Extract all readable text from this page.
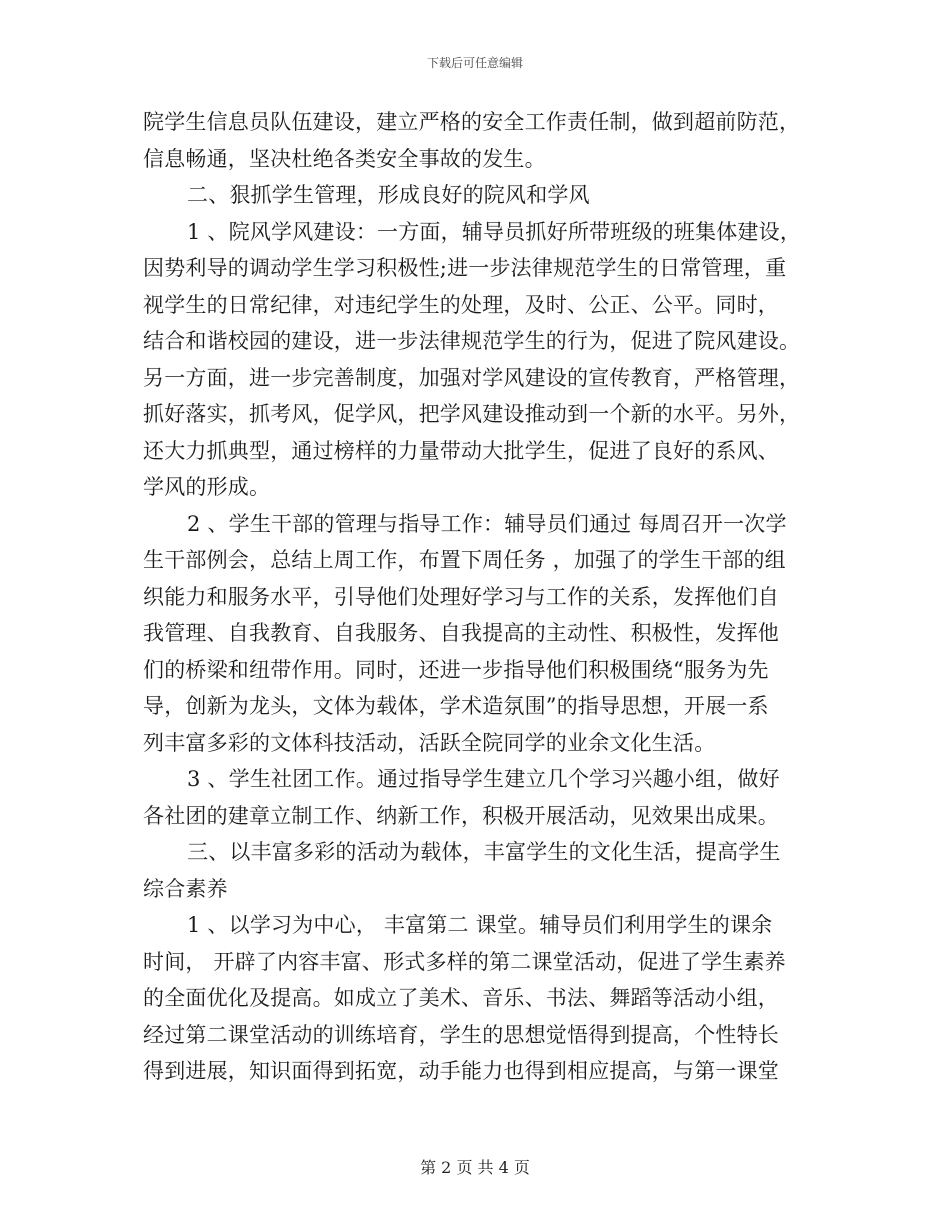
下载后可任意编辑
院学生信息员队伍建设，建立严格的安全工作责任制，做到超前防范，
信息畅通，坚决杜绝各类安全事故的发生。
二、狠抓学生管理，形成良好的院风和学风
1 、院风学风建设：一方面，辅导员抓好所带班级的班集体建设，
因势利导的调动学生学习积极性;进一步法律规范学生的日常管理，重
视学生的日常纪律，对违纪学生的处理，及时、公正、公平。同时，
结合和谐校园的建设，进一步法律规范学生的行为，促进了院风建设。
另一方面，进一步完善制度，加强对学风建设的宣传教育，严格管理，
抓好落实，抓考风，促学风，把学风建设推动到一个新的水平。另外，
还大力抓典型，通过榜样的力量带动大批学生，促进了良好的系风、
学风的形成。
2 、学生干部的管理与指导工作：辅导员们通过 每周召开一次学
生干部例会，总结上周工作，布置下周任务 ，加强了的学生干部的组
织能力和服务水平，引导他们处理好学习与工作的关系，发挥他们自
我管理、自我教育、自我服务、自我提高的主动性、积极性，发挥他
们的桥梁和纽带作用。同时，还进一步指导他们积极围绕“服务为先
导，创新为龙头，文体为载体，学术造氛围”的指导思想，开展一系
列丰富多彩的文体科技活动，活跃全院同学的业余文化生活。
3 、学生社团工作。通过指导学生建立几个学习兴趣小组，做好
各社团的建章立制工作、纳新工作，积极开展活动，见效果出成果。
三、以丰富多彩的活动为载体，丰富学生的文化生活，提高学生
综合素养
1 、以学习为中心， 丰富第二 课堂。辅导员们利用学生的课余
时间， 开辟了内容丰富、形式多样的第二课堂活动，促进了学生素养
的全面优化及提高。如成立了美术、音乐、书法、舞蹈等活动小组，
经过第二课堂活动的训练培育，学生的思想觉悟得到提高，个性特长
得到进展，知识面得到拓宽，动手能力也得到相应提高，与第一课堂
第 2 页 共 4 页
